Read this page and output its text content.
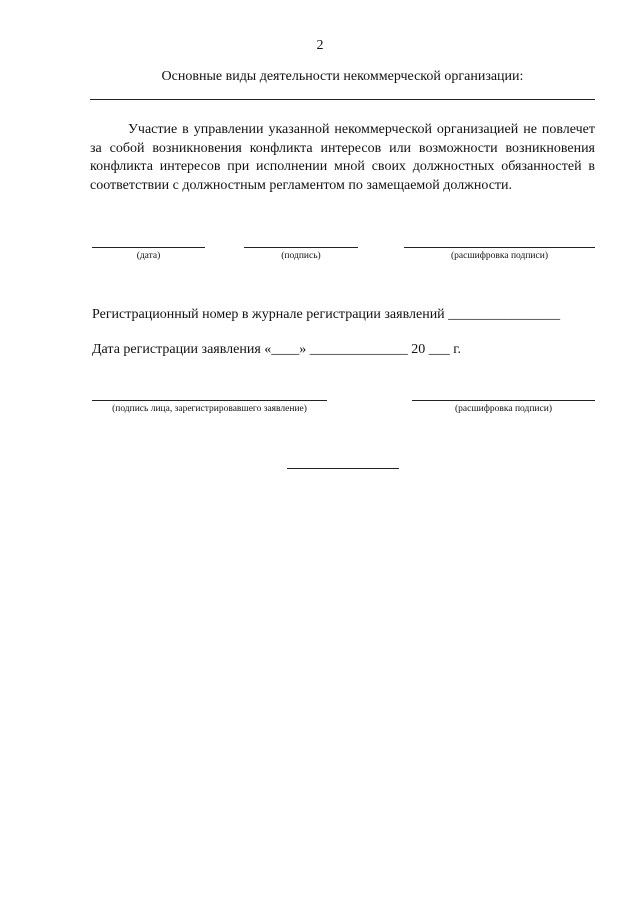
2
Основные виды деятельности некоммерческой организации:
Участие в управлении указанной некоммерческой организацией не повлечет за собой возникновения конфликта интересов или возможности возникновения конфликта интересов при исполнении мной своих должностных обязанностей в соответствии с должностным регламентом по замещаемой должности.
(дата)	(подпись)	(расшифровка подписи)
Регистрационный номер в журнале регистрации заявлений ________________
Дата регистрации заявления «____» ______________ 20 ___ г.
(подпись лица, зарегистрировавшего заявление)	(расшифровка подписи)
